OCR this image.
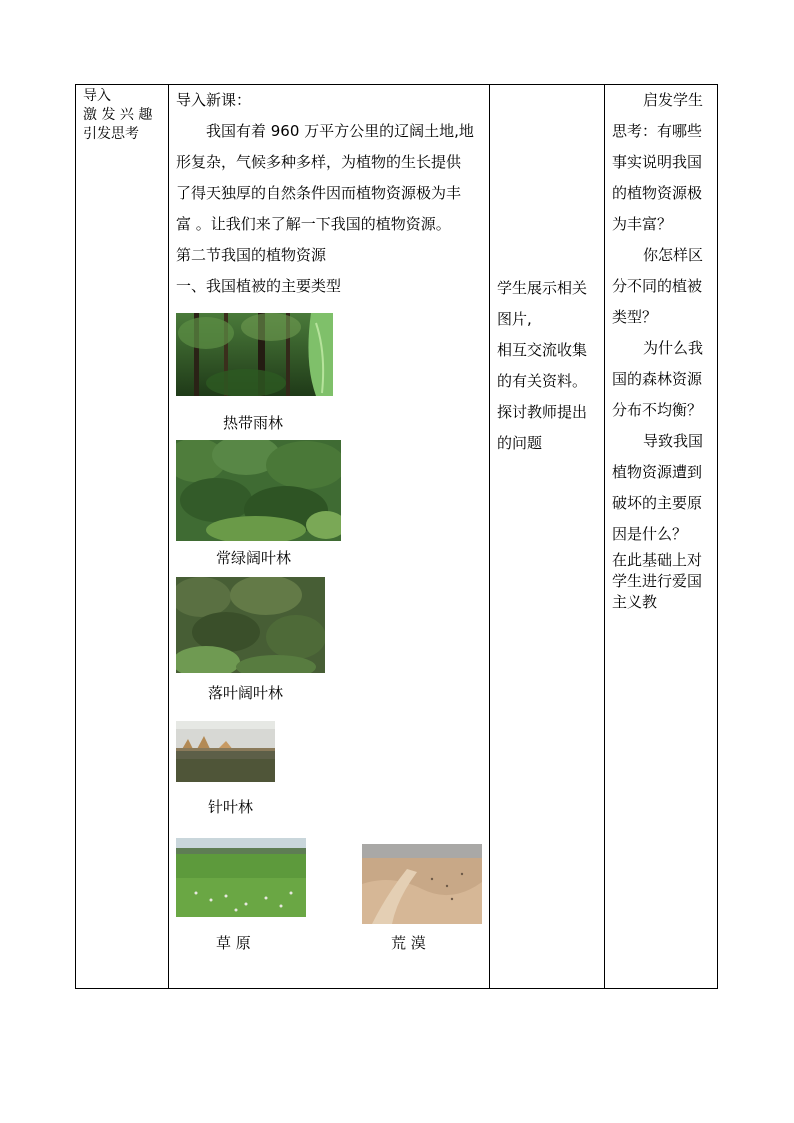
导入
激 发 兴 趣
引发思考
导入新课：
我国有着 960 万平方公里的辽阔土地,地
形复杂，气候多种多样，为植物的生长提供
了得天独厚的自然条件因而植物资源极为丰
富 。让我们来了解一下我国的植物资源。
第二节我国的植物资源
一、我国植被的主要类型
热带雨林
常绿阔叶林
落叶阔叶林
针叶林
草 原	荒 漠
学生展示相关
图片,
相互交流收集
的有关资料。
探讨教师提出
的问题
启发学生
思考：有哪些
事实说明我国
的植物资源极
为丰富？
你怎样区
分不同的植被
类型？
为什么我
国的森林资源
分布不均衡？
导致我国
植物资源遭到
破坏的主要原
因是什么？
在此基础上对
学生进行爱国
主义教
